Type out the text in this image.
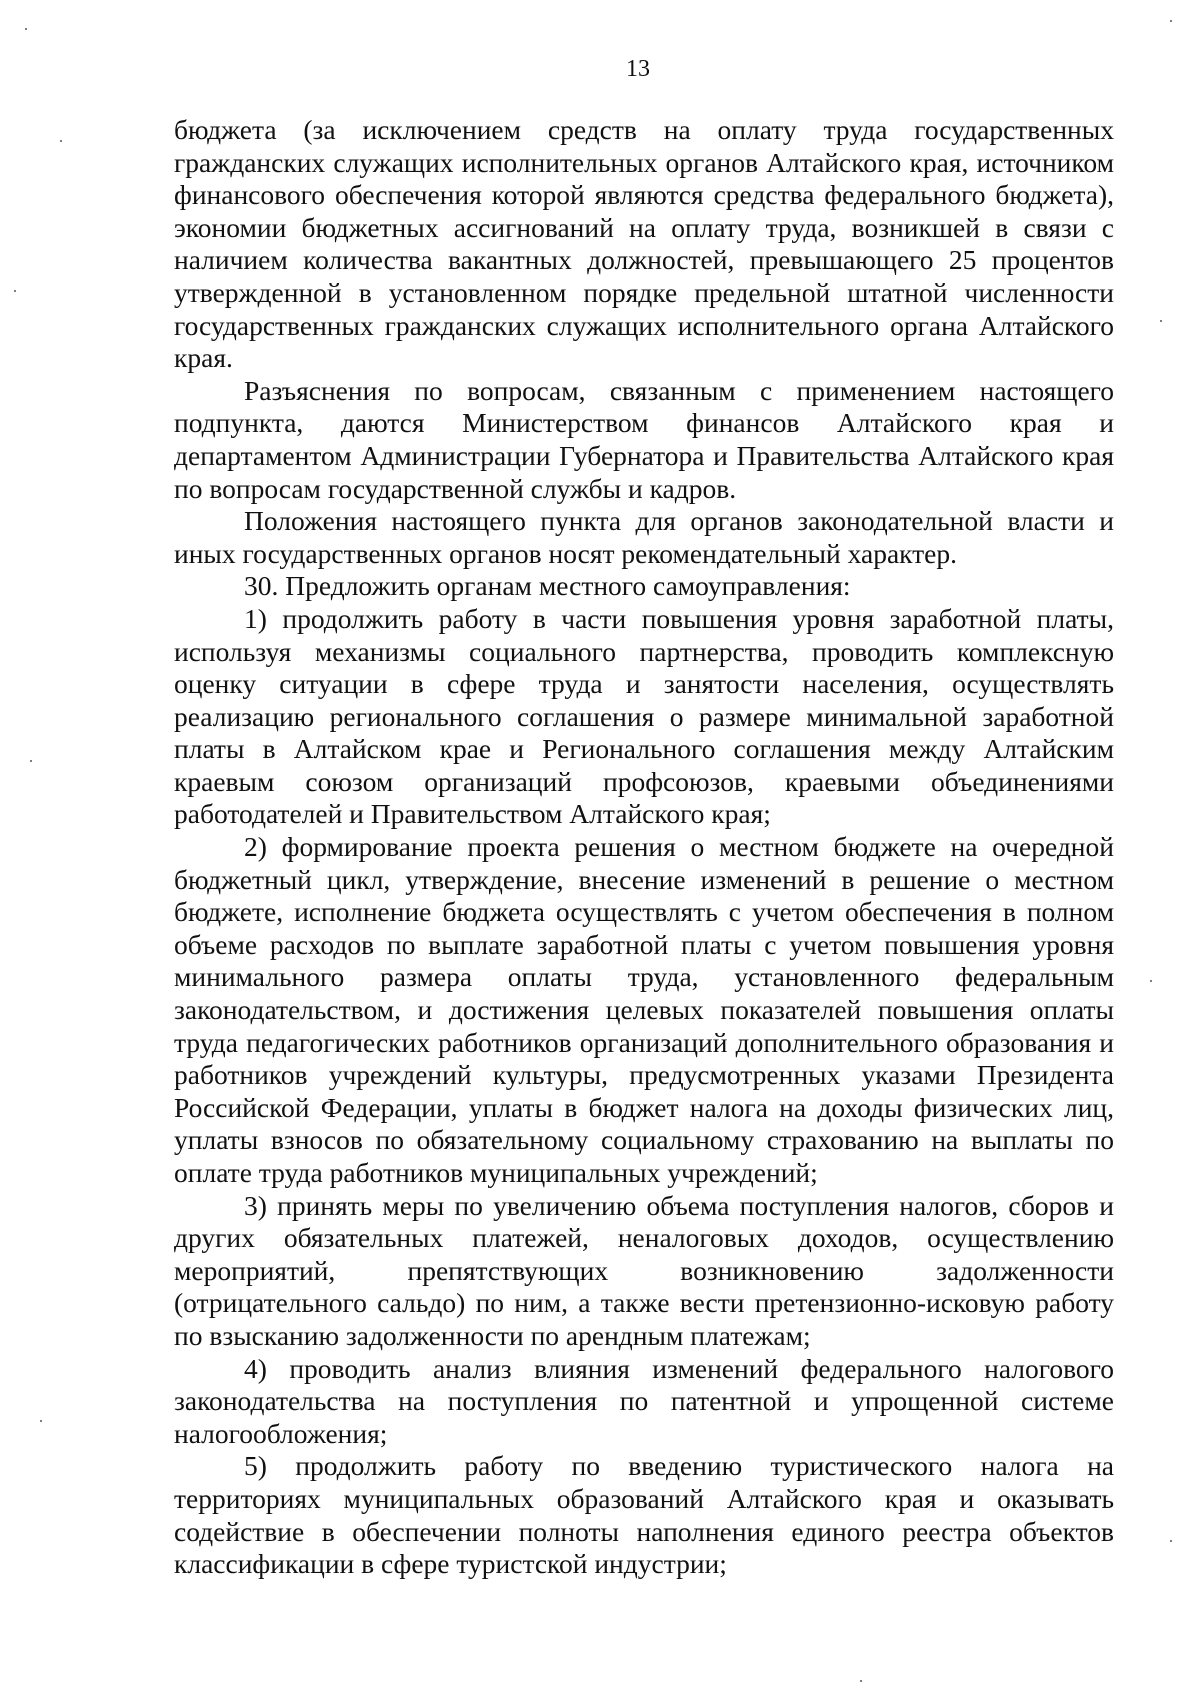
13

бюджета (за исключением средств на оплату труда государственных гражданских служащих исполнительных органов Алтайского края, источником финансового обеспечения которой являются средства федерального бюджета), экономии бюджетных ассигнований на оплату труда, возникшей в связи с наличием количества вакантных должностей, превышающего 25 процентов утвержденной в установленном порядке предельной штатной численности государственных гражданских служащих исполнительного органа Алтайского края.

Разъяснения по вопросам, связанным с применением настоящего подпункта, даются Министерством финансов Алтайского края и департаментом Администрации Губернатора и Правительства Алтайского края по вопросам государственной службы и кадров.

Положения настоящего пункта для органов законодательной власти и иных государственных органов носят рекомендательный характер.

30. Предложить органам местного самоуправления:

1) продолжить работу в части повышения уровня заработной платы, используя механизмы социального партнерства, проводить комплексную оценку ситуации в сфере труда и занятости населения, осуществлять реализацию регионального соглашения о размере минимальной заработной платы в Алтайском крае и Регионального соглашения между Алтайским краевым союзом организаций профсоюзов, краевыми объединениями работодателей и Правительством Алтайского края;

2) формирование проекта решения о местном бюджете на очередной бюджетный цикл, утверждение, внесение изменений в решение о местном бюджете, исполнение бюджета осуществлять с учетом обеспечения в полном объеме расходов по выплате заработной платы с учетом повышения уровня минимального размера оплаты труда, установленного федеральным законодательством, и достижения целевых показателей повышения оплаты труда педагогических работников организаций дополнительного образования и работников учреждений культуры, предусмотренных указами Президента Российской Федерации, уплаты в бюджет налога на доходы физических лиц, уплаты взносов по обязательному социальному страхованию на выплаты по оплате труда работников муниципальных учреждений;

3) принять меры по увеличению объема поступления налогов, сборов и других обязательных платежей, неналоговых доходов, осуществлению мероприятий, препятствующих возникновению задолженности (отрицательного сальдо) по ним, а также вести претензионно-исковую работу по взысканию задолженности по арендным платежам;

4) проводить анализ влияния изменений федерального налогового законодательства на поступления по патентной и упрощенной системе налогообложения;

5) продолжить работу по введению туристического налога на территориях муниципальных образований Алтайского края и оказывать содействие в обеспечении полноты наполнения единого реестра объектов классификации в сфере туристской индустрии;
